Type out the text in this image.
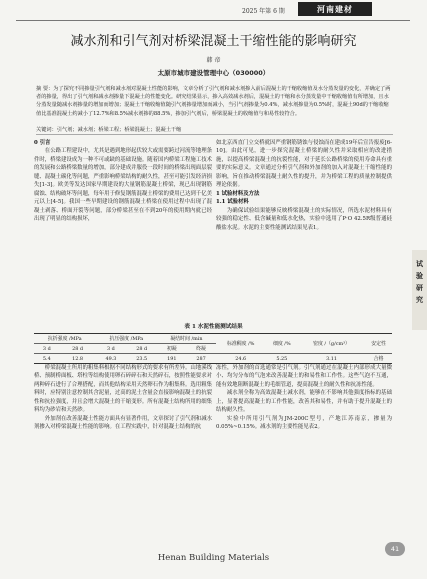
2025 年第 6 期	河南建材
减水剂和引气剂对桥梁混凝土干缩性能的影响研究
韩 帝
太原市城市建设管理中心（030000）
摘 要：为了探究不同掺量引气剂和减水剂对混凝土性能的影响，文章分析了引气剂和减水剂掺入前后混凝土的干缩收缩值及水分蒸发量的变化，并确定了两者的掺量，得出了引气剂和减水剂掺量下混凝土的性能变化。研究结果显示，掺入高效减水剂后，混凝土的干缩和水分蒸发量中干缩收缩值有所增加，且水分蒸发量随减水剂掺量的增加而增加；混凝土干缩收缩值随引气剂掺量增加而减小，当引气剂掺量为0.4%，减水剂掺量为0.5%时，混凝土90d的干缩收缩值比基准混凝土约减小了12.7%和8.5%减水剂掺的88.5%，掺加引气剂后，桥梁混凝土的收缩值与和易性较符合。
关键词：引气剂；减水剂；桥梁工程；桥梁混凝土；混凝土干缩
0 引言
在公路工程建设中，尤其是遇到地形起伏较大或需要跨过河流等地理条件时，桥梁建设成为一种不可或缺的基础设施。随着国内桥梁工程施工技术的发展和公路桥梁数量的增加，部分建成并服役一段时间的桥梁出现面层裂缝、混凝土碳化等问题，严重影响桥梁结构的耐久性，甚至可能引发经济损失[1-3]。欧美等发达国家早期建设的大量钢筋混凝土桥梁，现已出现钢筋腐蚀、结构破坏等问题，每年用于修复钢筋混凝土桥梁的费用已达到千亿美元以上[4-5]。我国一些早期建设的钢筋混凝土桥梁在使用过程中出现了混凝土剥落、桥面开裂等问题，部分桥梁甚至在不到20年的使用期内就已经出现了明显的结构损坏，
如北京西直门立交桥就因严重钢筋锈蚀与侵蚀而在建成19年后宣告报废[6-10]。由此可见，进一步探究混凝土桥梁的耐久性并采取相应的改进措施，以提高桥梁混凝土的抗裂性能，对于延长公路桥梁的使用寿命具有重要的实际意义。文章通过分析引气剂和外加剂的加入对混凝土干缩性能的影响，旨在推动桥梁混凝土耐久性的提升，并为桥梁工程的质量控制提供理论依据。
1 试验材料及方法
1.1 试验材料
为确保试验结果能够反映桥梁混凝土的实际情况，所选水泥材料具有较强的稳定性、低含碱量和低水化热，实验中选用了P·O 42.5R级普通硅酸盐水泥。水泥的主要性能测试结果见表1。
试验研究
表 1 水泥性能测试结果
抗折强度 /MPa		抗压强度 /MPa		凝结时间 /min		标准稠度 /%	细度 /%	密度 /（g/cm³）	安定性
3 d	28 d	3 d	28 d	初凝	终凝				
5.4	12.8	49.3	23.5	191	287	24.6	5.25	3.11	合格
桥梁混凝土所用的粗集料根据不同结构形式的要求有所差异。山地溪线桥、预制桥面板、塔柱等结构使用卵石碎碎石和天然碎石，按照性能要求对两种碎石进行了合理搭配，而其他结构采用天然卵石作为粗集料。选用粗集料时，应特别注意控制其含泥量，过高的泥土含量会直接影响混凝土的抗裂性和抗拉强度，并且会增大混凝土的干缩变形。所有混凝土结构所用的细集料均为砂岩和天然砂。
外加剂在改善混凝土性能方面具有显著作用，文章探讨了引气剂和减水剂掺入对桥梁混凝土性能的影响。在工程实践中，针对混凝土结构的抗
冻性，外加剂的首选通常是引气剂。引气剂通过在混凝土内部形成大量微小、均匀分布的气泡来改善混凝土的和易性和工作性。这些气泡不互通，能有效地阻断混凝土的毛细管道，提高混凝土的耐久性和抗冻性能。
减水剂全称为高效混凝土减水剂，能够在不影响其他强度指标的基础上，显著提高混凝土的工作性能，改善其和易性，并有助于提升混凝土的结构耐久性。
实验中所用引气剂为JM-200C型号，产地江苏南京，掺量为0.05%~0.15%。减水剂的主要性能见表2。
41
Henan Building Materials
